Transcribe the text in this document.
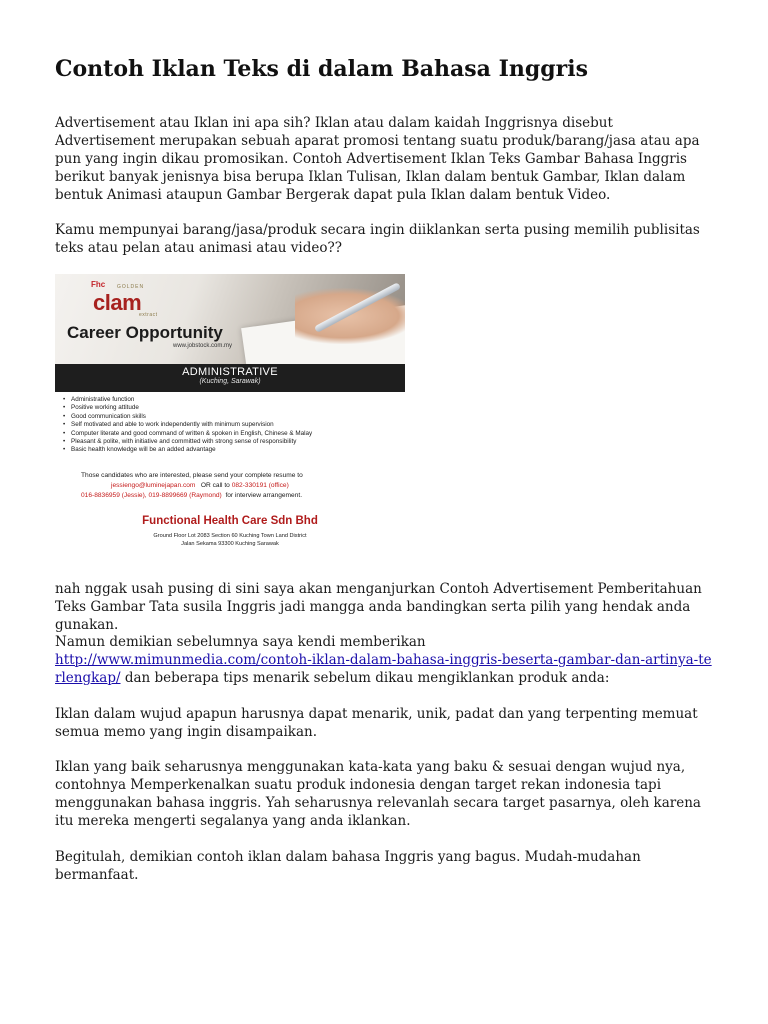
Contoh Iklan Teks di dalam Bahasa Inggris

Advertisement atau Iklan ini apa sih? Iklan atau dalam kaidah Inggrisnya disebut Advertisement merupakan sebuah aparat promosi tentang suatu produk/barang/jasa atau apa pun yang ingin dikau promosikan. Contoh Advertisement Iklan Teks Gambar Bahasa Inggris berikut banyak jenisnya bisa berupa Iklan Tulisan, Iklan dalam bentuk Gambar, Iklan dalam bentuk Animasi ataupun Gambar Bergerak dapat pula Iklan dalam bentuk Video.

Kamu mempunyai barang/jasa/produk secara ingin diiklankan serta pusing memilih publisitas teks atau pelan atau animasi atau video??

Fhc GOLDEN
clam
extract
Career Opportunity
www.jobstock.com.my
ADMINISTRATIVE
(Kuching, Sarawak)
• Administrative function
• Positive working attitude
• Good communication skills
• Self motivated and able to work independently with minimum supervision
• Computer literate and good command of written & spoken in English, Chinese & Malay
• Pleasant & polite, with initiative and committed with strong sense of responsibility
• Basic health knowledge will be an added advantage
Those candidates who are interested, please send your complete resume to
jessiengo@luminejapan.com OR call to 082-330191 (office)
016-8836959 (Jessie), 019-8899669 (Raymond) for interview arrangement.
Functional Health Care Sdn Bhd
Ground Floor Lot 2083 Section 60 Kuching Town Land District
Jalan Sekama 93300 Kuching Sarawak

nah nggak usah pusing di sini saya akan menganjurkan Contoh Advertisement Pemberitahuan Teks Gambar Tata susila Inggris jadi mangga anda bandingkan serta pilih yang hendak anda gunakan.

Namun demikian sebelumnya saya kendi memberikan
http://www.mimunmedia.com/contoh-iklan-dalam-bahasa-inggris-beserta-gambar-dan-artinya-terlengkap/ dan beberapa tips menarik sebelum dikau mengiklankan produk anda:

Iklan dalam wujud apapun harusnya dapat menarik, unik, padat dan yang terpenting memuat semua memo yang ingin disampaikan.

Iklan yang baik seharusnya menggunakan kata-kata yang baku & sesuai dengan wujud nya, contohnya Memperkenalkan suatu produk indonesia dengan target rekan indonesia tapi menggunakan bahasa inggris. Yah seharusnya relevanlah secara target pasarnya, oleh karena itu mereka mengerti segalanya yang anda iklankan.

Begitulah, demikian contoh iklan dalam bahasa Inggris yang bagus. Mudah-mudahan bermanfaat.
